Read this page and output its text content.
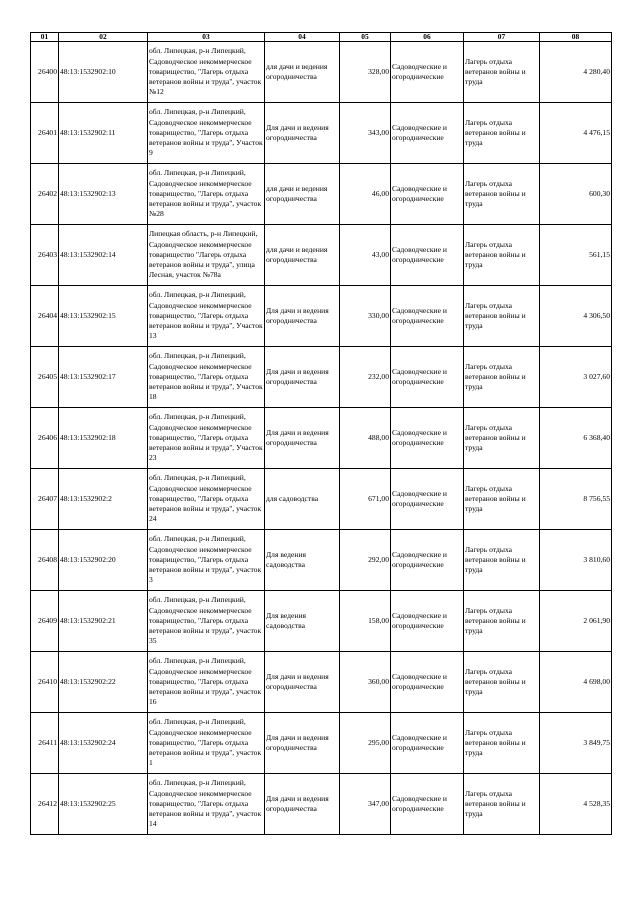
01	02	03	04	05	06	07	08

26400	48:13:1532902:10	обл. Липецкая, р-н Липецкий, Садоводческое некоммерческое товарищество, "Лагерь отдыха ветеранов войны и труда", участок №12	для дачи и ведения огородничества	328,00	Садоводческие и огороднические	Лагерь отдыха ветеранов войны и труда	4 280,40

26401	48:13:1532902:11	обл. Липецкая, р-н Липецкий, Садоводческое некоммерческое товарищество, "Лагерь отдыха ветеранов войны и труда", Участок 9	Для дачи и ведения огородничества	343,00	Садоводческие и огороднические	Лагерь отдыха ветеранов войны и труда	4 476,15

26402	48:13:1532902:13	обл. Липецкая, р-н Липецкий, Садоводческое некоммерческое товарищество, "Лагерь отдыха ветеранов войны и труда", участок №28	для дачи и ведения огородничества	46,00	Садоводческие и огороднические	Лагерь отдыха ветеранов войны и труда	600,30

26403	48:13:1532902:14	Липецкая область, р-н Липецкий, Садоводческое некоммерческое товарищество "Лагерь отдыха ветеранов войны и труда", улица Лесная, участок №78а	для дачи и ведения огородничества	43,00	Садоводческие и огороднические	Лагерь отдыха ветеранов войны и труда	561,15

26404	48:13:1532902:15	обл. Липецкая, р-н Липецкий, Садоводческое некоммерческое товарищество, "Лагерь отдыха ветеранов войны и труда", Участок 13	Для дачи и ведения огородничества	330,00	Садоводческие и огороднические	Лагерь отдыха ветеранов войны и труда	4 306,50

26405	48:13:1532902:17	обл. Липецкая, р-н Липецкий, Садоводческое некоммерческое товарищество, "Лагерь отдыха ветеранов войны и труда", Участок 18	Для дачи и ведения огородничества	232,00	Садоводческие и огороднические	Лагерь отдыха ветеранов войны и труда	3 027,60

26406	48:13:1532902:18	обл. Липецкая, р-н Липецкий, Садоводческое некоммерческое товарищество, "Лагерь отдыха ветеранов войны и труда", Участок 23	Для дачи и ведения огородничества	488,00	Садоводческие и огороднические	Лагерь отдыха ветеранов войны и труда	6 368,40

26407	48:13:1532902:2	обл. Липецкая, р-н Липецкий, Садоводческое некоммерческое товарищество, "Лагерь отдыха ветеранов войны и труда", участок 24	для садоводства	671,00	Садоводческие и огороднические	Лагерь отдыха ветеранов войны и труда	8 756,55

26408	48:13:1532902:20	обл. Липецкая, р-н Липецкий, Садоводческое некоммерческое товарищество, "Лагерь отдыха ветеранов войны и труда", участок 3	Для ведения садоводства	292,00	Садоводческие и огороднические	Лагерь отдыха ветеранов войны и труда	3 810,60

26409	48:13:1532902:21	обл. Липецкая, р-н Липецкий, Садоводческое некоммерческое товарищество, "Лагерь отдыха ветеранов войны и труда", участок 35	Для ведения садоводства	158,00	Садоводческие и огороднические	Лагерь отдыха ветеранов войны и труда	2 061,90

26410	48:13:1532902:22	обл. Липецкая, р-н Липецкий, Садоводческое некоммерческое товарищество, "Лагерь отдыха ветеранов войны и труда", участок 16	Для дачи и ведения огородничества	360,00	Садоводческие и огороднические	Лагерь отдыха ветеранов войны и труда	4 698,00

26411	48:13:1532902:24	обл. Липецкая, р-н Липецкий, Садоводческое некоммерческое товарищество, "Лагерь отдыха ветеранов войны и труда", участок 1	Для дачи и ведения огородничества	295,00	Садоводческие и огороднические	Лагерь отдыха ветеранов войны и труда	3 849,75

26412	48:13:1532902:25	обл. Липецкая, р-н Липецкий, Садоводческое некоммерческое товарищество, "Лагерь отдыха ветеранов войны и труда", участок 14	Для дачи и ведения огородничества	347,00	Садоводческие и огороднические	Лагерь отдыха ветеранов войны и труда	4 528,35
